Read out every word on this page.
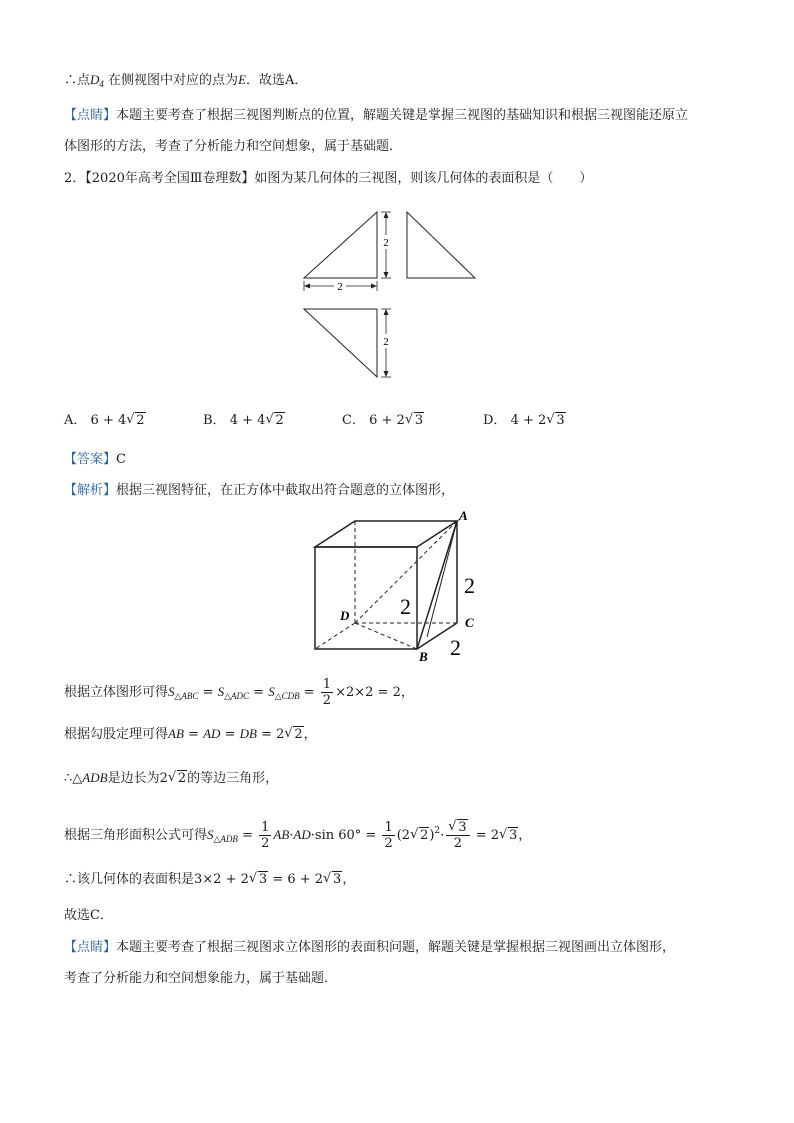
∴点$D_4$ 在侧视图中对应的点为E．故选A．
【点睛】本题主要考查了根据三视图判断点的位置，解题关键是掌握三视图的基础知识和根据三视图能还原立
体图形的方法，考查了分析能力和空间想象，属于基础题．
2．【2020年高考全国Ⅲ卷理数】如图为某几何体的三视图，则该几何体的表面积是（　　）
2
2
2
A． 6 + 4√ 2	B． 4 + 4√ 2	C． 6 + 2√ 3	D． 4 + 2√ 3
【答案】C
【解析】根据三视图特征，在正方体中截取出符合题意的立体图形，
A
B
C
D
2
2
2
根据立体图形可得$S_{\triangle ABC} = S_{\triangle ADC} = S_{\triangle CDB} = \frac{1}{2} \times 2\times 2 = 2$，
根据勾股定理可得AB = AD = DB = 2√ 2，
∴△ADB是边长为2√ 2的等边三角形，
根据三角形面积公式可得$S_{\triangle ADB} = \frac{1}{2} AB\cdot AD\cdot\sin$ $60^\circ = \frac{1}{2} (2√$ 2)$^2$·
√ $\frac{3}{2} = 2√$ 3，
∴该几何体的表面积是3×2 + 2√ 3 = 6 + 2√ 3，
故选C．
【点睛】本题主要考查了根据三视图求立体图形的表面积问题，解题关键是掌握根据三视图画出立体图形，
考查了分析能力和空间想象能力，属于基础题．
